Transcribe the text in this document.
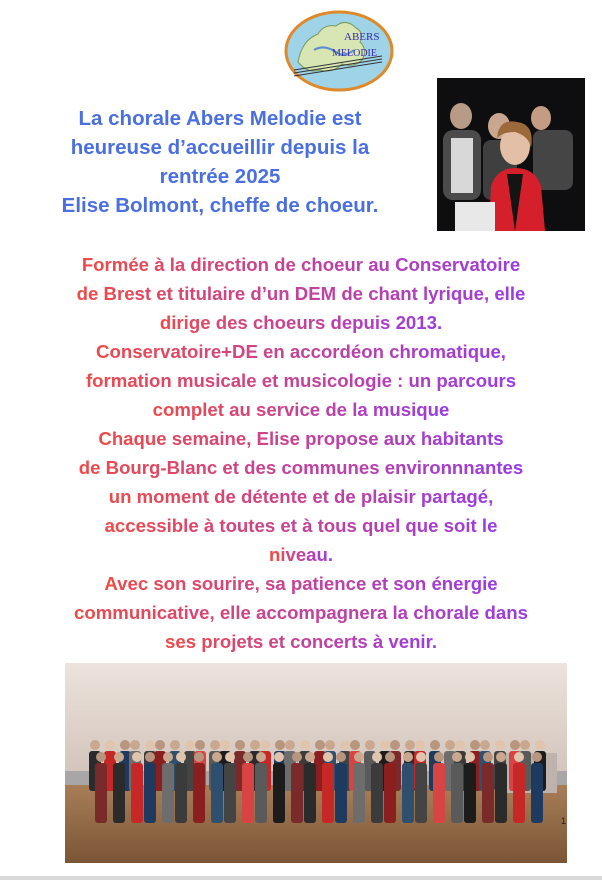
ABERS
MELODIE
La chorale Abers Melodie est
heureuse d’accueillir depuis la
rentrée 2025
Elise Bolmont, cheffe de choeur.
Formée à la direction de choeur au Conservatoire
de Brest et titulaire d’un DEM de chant lyrique, elle
dirige des choeurs depuis 2013.
Conservatoire+DE en accordéon chromatique,
formation musicale et musicologie : un parcours
complet au service de la musique
Chaque semaine, Elise propose aux habitants
de Bourg-Blanc et des communes environnnantes
un moment de détente et de plaisir partagé,
accessible à toutes et à tous quel que soit le
niveau.
Avec son sourire, sa patience et son énergie
communicative, elle accompagnera la chorale dans
ses projets et concerts à venir.
1
